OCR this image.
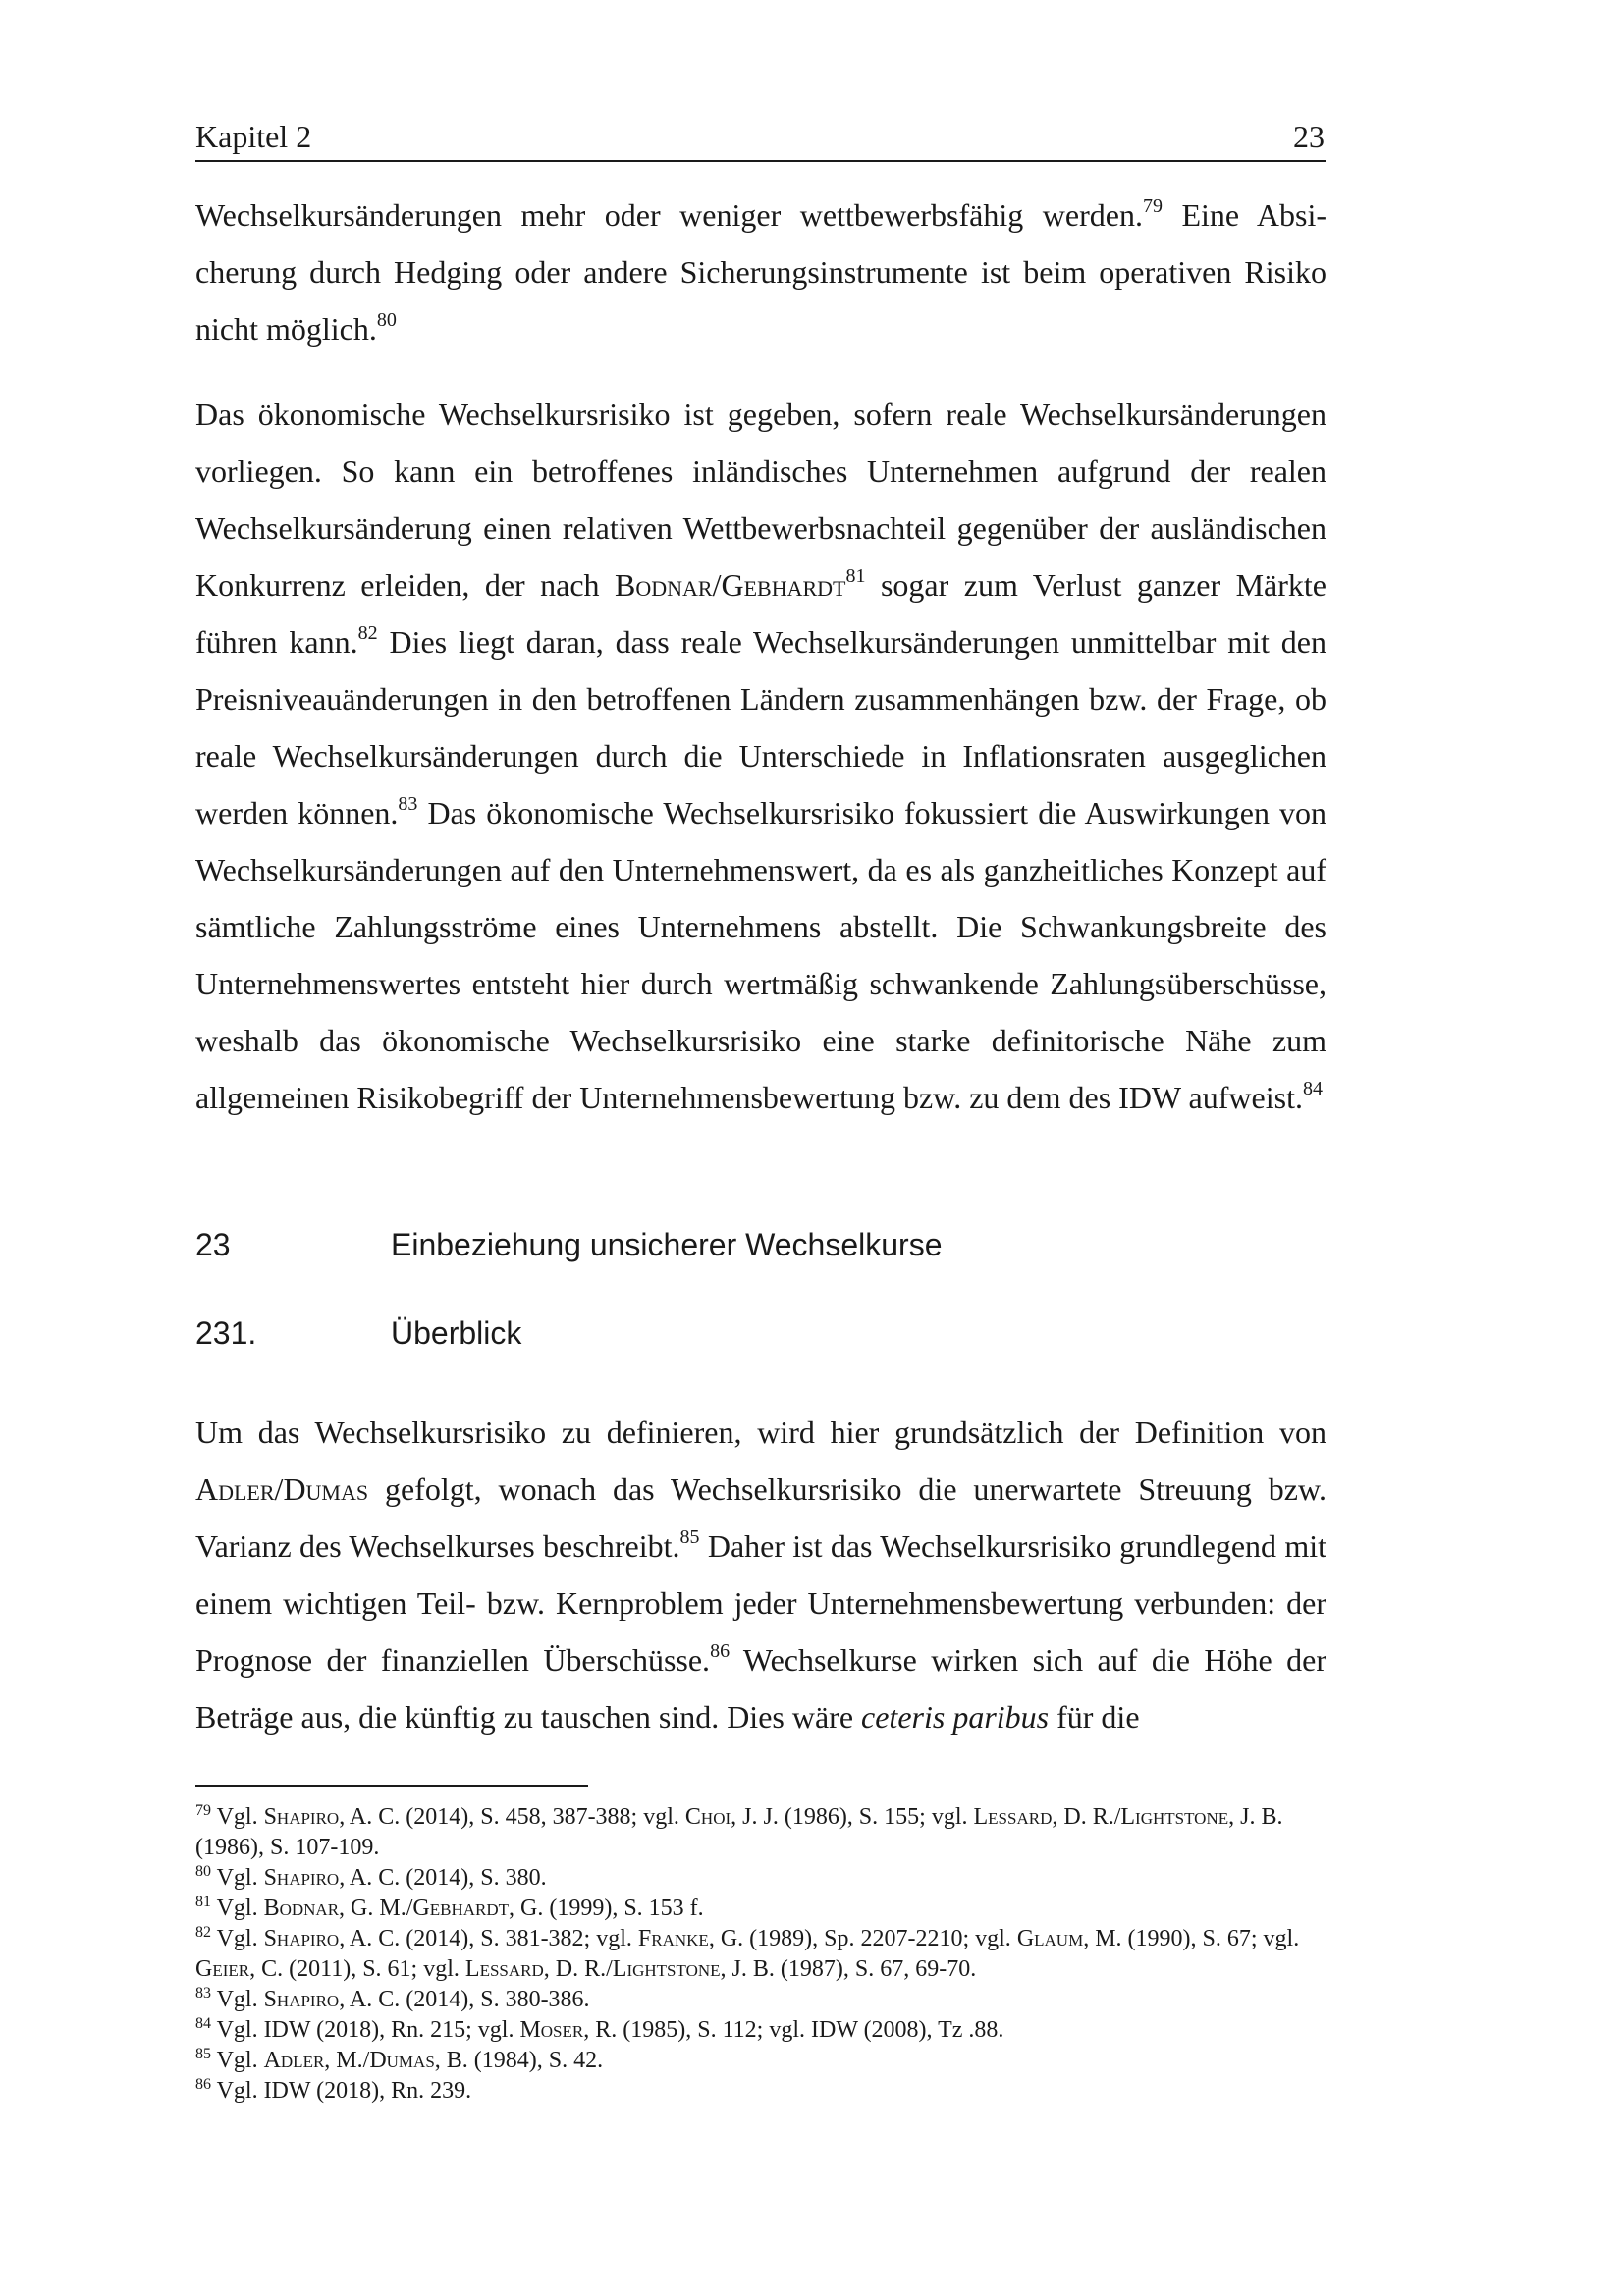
Kapitel 2	23

Wechselkursänderungen mehr oder weniger wettbewerbsfähig werden.$^{79}$ Eine Absicherung durch Hedging oder andere Sicherungsinstrumente ist beim operativen Risiko nicht möglich.$^{80}$

Das ökonomische Wechselkursrisiko ist gegeben, sofern reale Wechselkursänderungen vorliegen. So kann ein betroffenes inländisches Unternehmen aufgrund der realen Wechselkursänderung einen relativen Wettbewerbsnachteil gegenüber der ausländischen Konkurrenz erleiden, der nach Bodnar/Gebhardt$^{81}$ sogar zum Verlust ganzer Märkte führen kann.$^{82}$ Dies liegt daran, dass reale Wechselkursänderungen unmittelbar mit den Preisniveauänderungen in den betroffenen Ländern zusammenhängen bzw. der Frage, ob reale Wechselkursänderungen durch die Unterschiede in Inflationsraten ausgeglichen werden können.$^{83}$ Das ökonomische Wechselkursrisiko fokussiert die Auswirkungen von Wechselkursänderungen auf den Unternehmenswert, da es als ganzheitliches Konzept auf sämtliche Zahlungsströme eines Unternehmens abstellt. Die Schwankungsbreite des Unternehmenswertes entsteht hier durch wertmäßig schwankende Zahlungsüberschüsse, weshalb das ökonomische Wechselkursrisiko eine starke definitorische Nähe zum allgemeinen Risikobegriff der Unternehmensbewertung bzw. zu dem des IDW aufweist.$^{84}$

23	Einbeziehung unsicherer Wechselkurse
231.	Überblick

Um das Wechselkursrisiko zu definieren, wird hier grundsätzlich der Definition von Adler/Dumas gefolgt, wonach das Wechselkursrisiko die unerwartete Streuung bzw. Varianz des Wechselkurses beschreibt.$^{85}$ Daher ist das Wechselkursrisiko grundlegend mit einem wichtigen Teil- bzw. Kernproblem jeder Unternehmensbewertung verbunden: der Prognose der finanziellen Überschüsse.$^{86}$ Wechselkurse wirken sich auf die Höhe der Beträge aus, die künftig zu tauschen sind. Dies wäre ceteris paribus für die

$^{79}$ Vgl. Shapiro, A. C. (2014), S. 458, 387-388; vgl. Choi, J. J. (1986), S. 155; vgl. Lessard, D. R./Lightstone, J. B. (1986), S. 107-109.

$^{80}$ Vgl. Shapiro, A. C. (2014), S. 380.

$^{81}$ Vgl. Bodnar, G. M./Gebhardt, G. (1999), S. 153 f.

$^{82}$ Vgl. Shapiro, A. C. (2014), S. 381-382; vgl. Franke, G. (1989), Sp. 2207-2210; vgl. Glaum, M. (1990), S. 67; vgl. Geier, C. (2011), S. 61; vgl. Lessard, D. R./Lightstone, J. B. (1987), S. 67, 69-70.

$^{83}$ Vgl. Shapiro, A. C. (2014), S. 380-386.

$^{84}$ Vgl. IDW (2018), Rn. 215; vgl. Moser, R. (1985), S. 112; vgl. IDW (2008), Tz .88.

$^{85}$ Vgl. Adler, M./Dumas, B. (1984), S. 42.

$^{86}$ Vgl. IDW (2018), Rn. 239.
